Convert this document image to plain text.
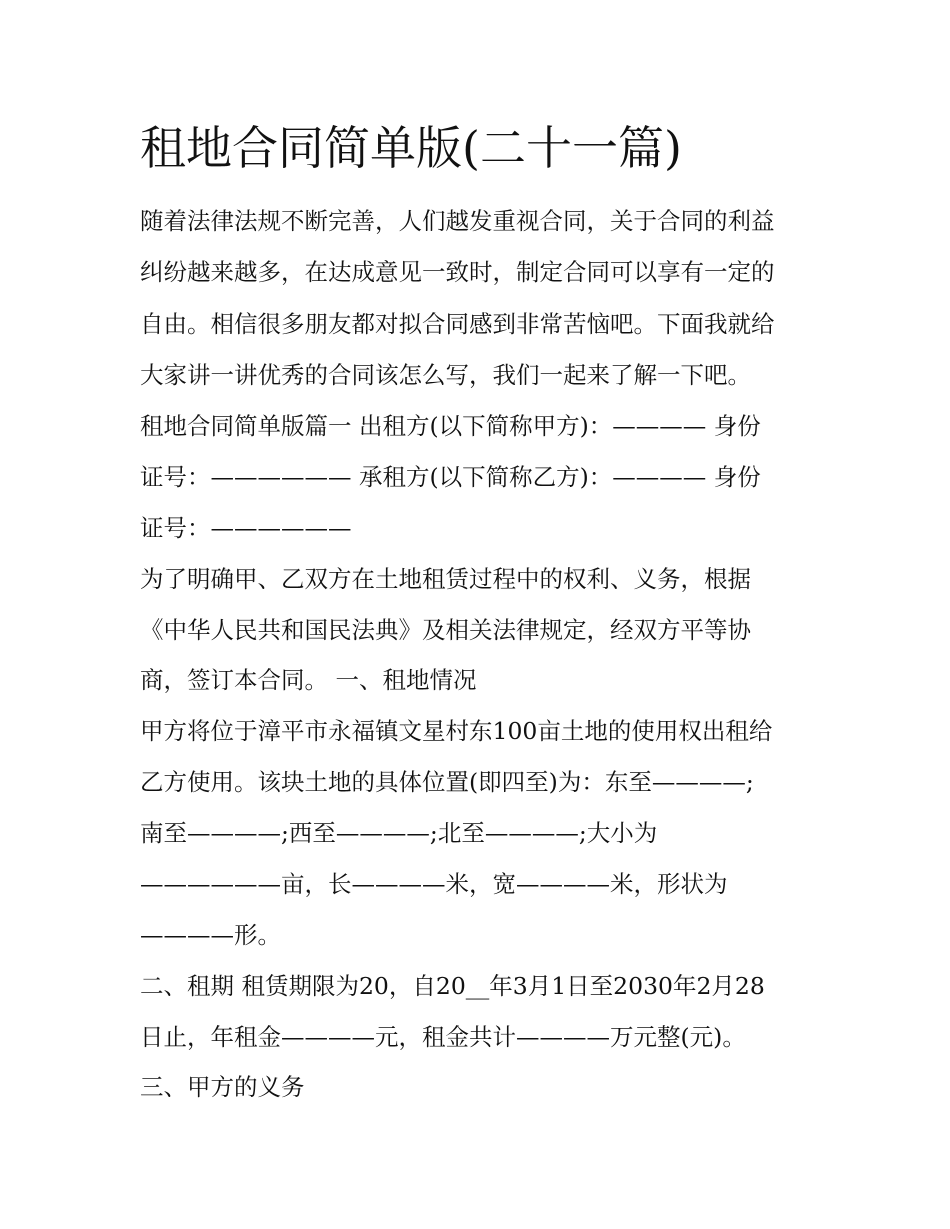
租地合同简单版(二十一篇)
随着法律法规不断完善，人们越发重视合同，关于合同的利益
纠纷越来越多，在达成意见一致时，制定合同可以享有一定的
自由。相信很多朋友都对拟合同感到非常苦恼吧。下面我就给
大家讲一讲优秀的合同该怎么写，我们一起来了解一下吧。
租地合同简单版篇一 出租方(以下简称甲方)：———— 身份
证号：—————— 承租方(以下简称乙方)：———— 身份
证号：——————
为了明确甲、乙双方在土地租赁过程中的权利、义务，根据
《中华人民共和国民法典》及相关法律规定，经双方平等协
商，签订本合同。 一、租地情况
甲方将位于漳平市永福镇文星村东100亩土地的使用权出租给
乙方使用。该块土地的具体位置(即四至)为：东至————;
南至————;西至————;北至————;大小为
——————亩，长————米，宽————米，形状为
————形。
二、租期 租赁期限为20，自20__年3月1日至2030年2月28
日止，年租金————元，租金共计————万元整(元)。
三、甲方的义务
